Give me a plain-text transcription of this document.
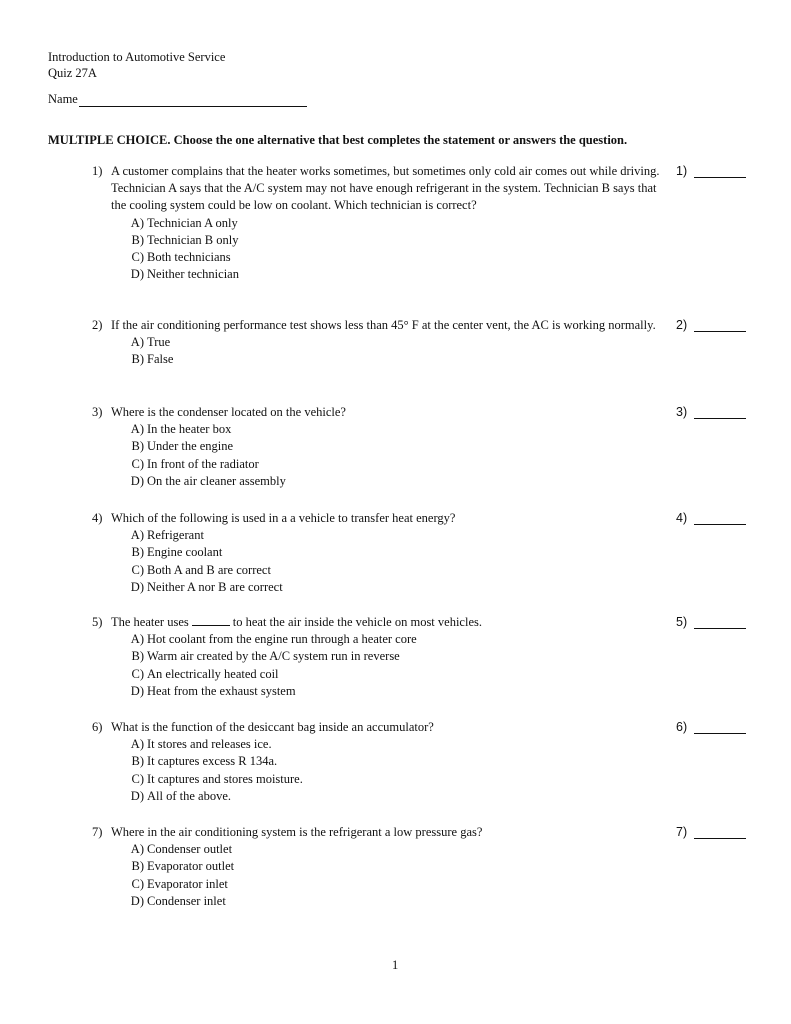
Introduction to Automotive Service
Quiz 27A
Name
MULTIPLE CHOICE. Choose the one alternative that best completes the statement or answers the question.
1) A customer complains that the heater works sometimes, but sometimes only cold air comes out while driving. Technician A says that the A/C system may not have enough refrigerant in the system. Technician B says that the cooling system could be low on coolant. Which technician is correct?
A) Technician A only
B) Technician B only
C) Both technicians
D) Neither technician
1)
2) If the air conditioning performance test shows less than 45° F at the center vent, the AC is working normally.
A) True
B) False
2)
3) Where is the condenser located on the vehicle?
A) In the heater box
B) Under the engine
C) In front of the radiator
D) On the air cleaner assembly
3)
4) Which of the following is used in a a vehicle to transfer heat energy?
A) Refrigerant
B) Engine coolant
C) Both A and B are correct
D) Neither A nor B are correct
4)
5) The heater uses	to heat the air inside the vehicle on most vehicles.
A) Hot coolant from the engine run through a heater core
B) Warm air created by the A/C system run in reverse
C) An electrically heated coil
D) Heat from the exhaust system
5)
6) What is the function of the desiccant bag inside an accumulator?
A) It stores and releases ice.
B) It captures excess R 134a.
C) It captures and stores moisture.
D) All of the above.
6)
7) Where in the air conditioning system is the refrigerant a low pressure gas?
A) Condenser outlet
B) Evaporator outlet
C) Evaporator inlet
D) Condenser inlet
7)
1
